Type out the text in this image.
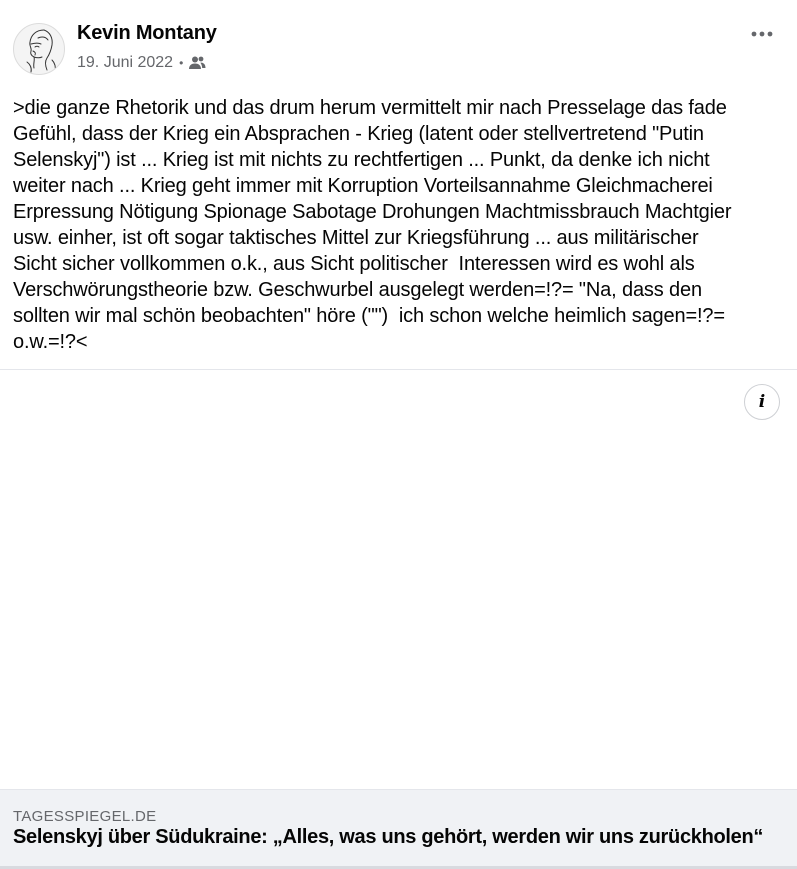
Kevin Montany
19. Juni 2022 •

>die ganze Rhetorik und das drum herum vermittelt mir nach Presselage das fade
Gefühl, dass der Krieg ein Absprachen - Krieg (latent oder stellvertretend "Putin
Selenskyj") ist ... Krieg ist mit nichts zu rechtfertigen ... Punkt, da denke ich nicht
weiter nach ... Krieg geht immer mit Korruption Vorteilsannahme Gleichmacherei
Erpressung Nötigung Spionage Sabotage Drohungen Machtmissbrauch Machtgier
usw. einher, ist oft sogar taktisches Mittel zur Kriegsführung ... aus militärischer
Sicht sicher vollkommen o.k., aus Sicht politischer  Interessen wird es wohl als
Verschwörungstheorie bzw. Geschwurbel ausgelegt werden=!?= "Na, dass den
sollten wir mal schön beobachten" höre ("")  ich schon welche heimlich sagen=!?=
o.w.=!?<

i
TAGESSPIEGEL.DE
Selenskyj über Südukraine: „Alles, was uns gehört, werden wir uns zurückholen“
